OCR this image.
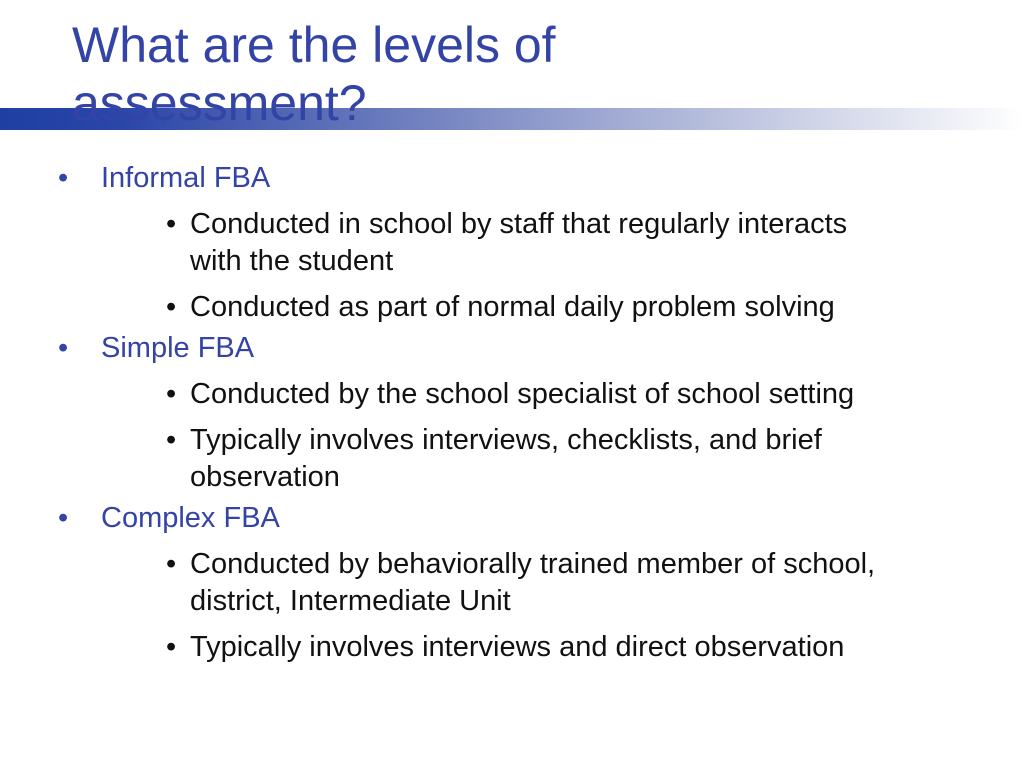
What are the levels of assessment?
• Informal FBA
• Conducted in school by staff that regularly interacts with the student
• Conducted as part of normal daily problem solving
• Simple FBA
• Conducted by the school specialist of school setting
• Typically involves interviews, checklists, and brief observation
• Complex FBA
• Conducted by behaviorally trained member of school, district, Intermediate Unit
• Typically involves interviews and direct observation
